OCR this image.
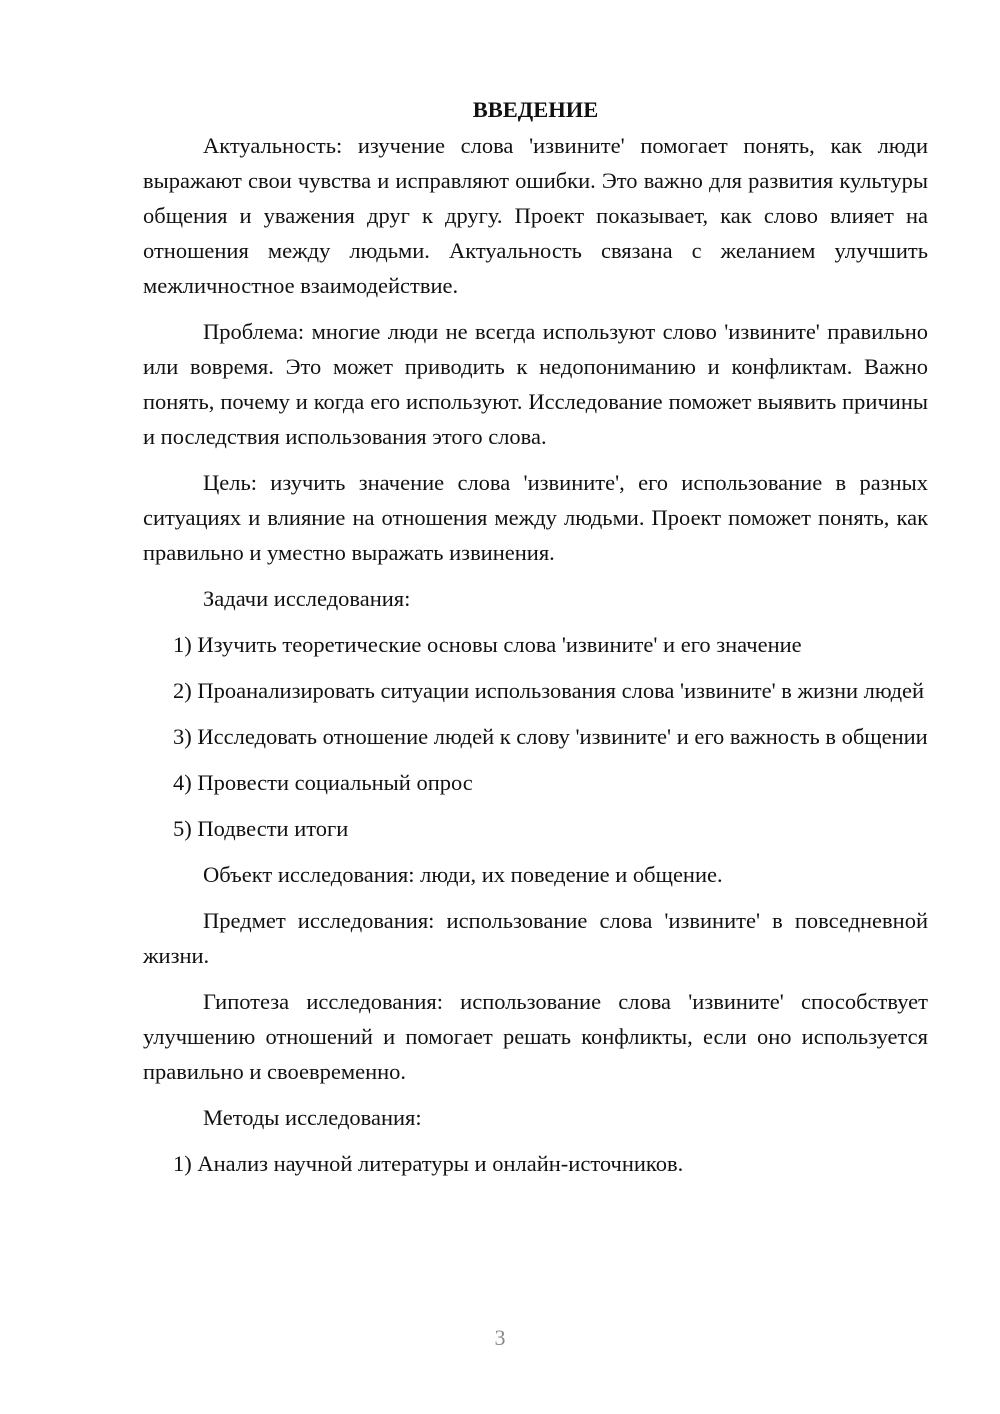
ВВЕДЕНИЕ

Актуальность: изучение слова 'извините' помогает понять, как люди выражают свои чувства и исправляют ошибки. Это важно для развития культуры общения и уважения друг к другу. Проект показывает, как слово влияет на отношения между людьми. Актуальность связана с желанием улучшить межличностное взаимодействие.

Проблема: многие люди не всегда используют слово 'извините' правильно или вовремя. Это может приводить к недопониманию и конфликтам. Важно понять, почему и когда его используют. Исследование поможет выявить причины и последствия использования этого слова.

Цель: изучить значение слова 'извините', его использование в разных ситуациях и влияние на отношения между людьми. Проект поможет понять, как правильно и уместно выражать извинения.

Задачи исследования:

1) Изучить теоретические основы слова 'извините' и его значение

2) Проанализировать ситуации использования слова 'извините' в жизни людей

3) Исследовать отношение людей к слову 'извините' и его важность в общении

4) Провести социальный опрос

5) Подвести итоги

Объект исследования: люди, их поведение и общение.

Предмет исследования: использование слова 'извините' в повседневной жизни.

Гипотеза исследования: использование слова 'извините' способствует улучшению отношений и помогает решать конфликты, если оно используется правильно и своевременно.

Методы исследования:

1) Анализ научной литературы и онлайн-источников.

3
